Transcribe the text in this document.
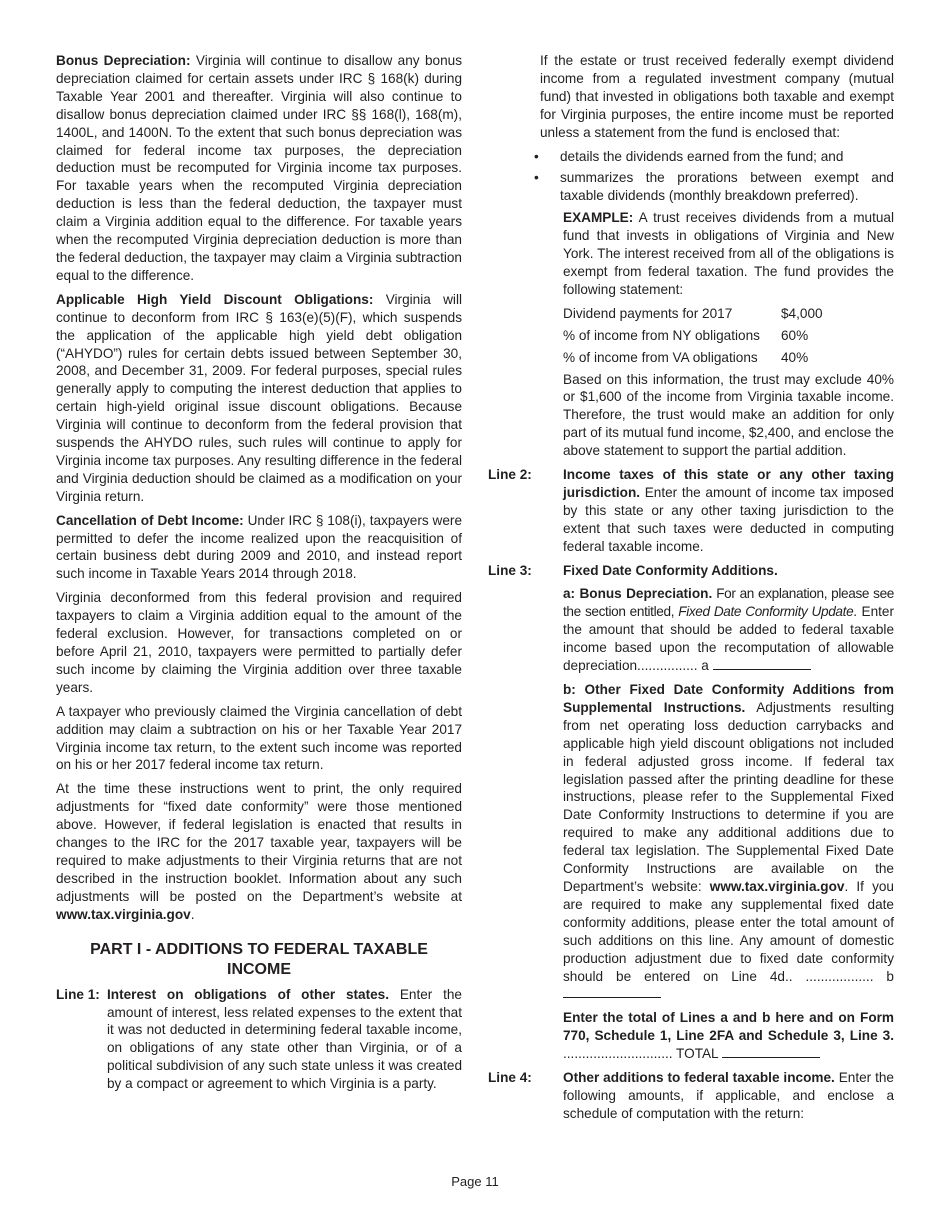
Bonus Depreciation: Virginia will continue to disallow any bonus depreciation claimed for certain assets under IRC § 168(k) during Taxable Year 2001 and thereafter. Virginia will also continue to disallow bonus depreciation claimed under IRC §§ 168(l), 168(m), 1400L, and 1400N. To the extent that such bonus depreciation was claimed for federal income tax purposes, the depreciation deduction must be recomputed for Virginia income tax purposes. For taxable years when the recomputed Virginia depreciation deduction is less than the federal deduction, the taxpayer must claim a Virginia addition equal to the difference. For taxable years when the recomputed Virginia depreciation deduction is more than the federal deduction, the taxpayer may claim a Virginia subtraction equal to the difference.

Applicable High Yield Discount Obligations: Virginia will continue to deconform from IRC § 163(e)(5)(F), which suspends the application of the applicable high yield debt obligation (“AHYDO”) rules for certain debts issued between September 30, 2008, and December 31, 2009. For federal purposes, special rules generally apply to computing the interest deduction that applies to certain high-yield original issue discount obligations. Because Virginia will continue to deconform from the federal provision that suspends the AHYDO rules, such rules will continue to apply for Virginia income tax purposes. Any resulting difference in the federal and Virginia deduction should be claimed as a modification on your Virginia return.

Cancellation of Debt Income: Under IRC § 108(i), taxpayers were permitted to defer the income realized upon the reacquisition of certain business debt during 2009 and 2010, and instead report such income in Taxable Years 2014 through 2018.

Virginia deconformed from this federal provision and required taxpayers to claim a Virginia addition equal to the amount of the federal exclusion. However, for transactions completed on or before April 21, 2010, taxpayers were permitted to partially defer such income by claiming the Virginia addition over three taxable years.

A taxpayer who previously claimed the Virginia cancellation of debt addition may claim a subtraction on his or her Taxable Year 2017 Virginia income tax return, to the extent such income was reported on his or her 2017 federal income tax return.

At the time these instructions went to print, the only required adjustments for “fixed date conformity” were those mentioned above. However, if federal legislation is enacted that results in changes to the IRC for the 2017 taxable year, taxpayers will be required to make adjustments to their Virginia returns that are not described in the instruction booklet. Information about any such adjustments will be posted on the Department’s website at www.tax.virginia.gov.

PART I - ADDITIONS TO FEDERAL TAXABLE INCOME
Line 1: Interest on obligations of other states. Enter the amount of interest, less related expenses to the extent that it was not deducted in determining federal taxable income, on obligations of any state other than Virginia, or of a political subdivision of any such state unless it was created by a compact or agreement to which Virginia is a party.

If the estate or trust received federally exempt dividend income from a regulated investment company (mutual fund) that invested in obligations both taxable and exempt for Virginia purposes, the entire income must be reported unless a statement from the fund is enclosed that:

•	details the dividends earned from the fund; and
•	summarizes the prorations between exempt and taxable dividends (monthly breakdown preferred).

EXAMPLE: A trust receives dividends from a mutual fund that invests in obligations of Virginia and New York. The interest received from all of the obligations is exempt from federal taxation. The fund provides the following statement:

Dividend payments for 2017	$4,000
% of income from NY obligations	60%
% of income from VA obligations	40%

Based on this information, the trust may exclude 40% or $1,600 of the income from Virginia taxable income. Therefore, the trust would make an addition for only part of its mutual fund income, $2,400, and enclose the above statement to support the partial addition.

Line 2:	Income taxes of this state or any other taxing jurisdiction. Enter the amount of income tax imposed by this state or any other taxing jurisdiction to the extent that such taxes were deducted in computing federal taxable income.
Line 3:	Fixed Date Conformity Additions.

a: Bonus Depreciation. For an explanation, please see the section entitled, Fixed Date Conformity Update. Enter the amount that should be added to federal taxable income based upon the recomputation of allowable depreciation................ a

b: Other Fixed Date Conformity Additions from Supplemental Instructions. Adjustments resulting from net operating loss deduction carrybacks and applicable high yield discount obligations not included in federal adjusted gross income. If federal tax legislation passed after the printing deadline for these instructions, please refer to the Supplemental Fixed Date Conformity Instructions to determine if you are required to make any additional additions due to federal tax legislation. The Supplemental Fixed Date Conformity Instructions are available on the Department’s website: www.tax.virginia.gov. If you are required to make any supplemental fixed date conformity additions, please enter the total amount of such additions on this line. Any amount of domestic production adjustment due to fixed date conformity should be entered on Line 4d.. .................. b

Enter the total of Lines a and b here and on Form 770, Schedule 1, Line 2FA and Schedule 3, Line 3. ............................. TOTAL

Line 4:	Other additions to federal taxable income. Enter the following amounts, if applicable, and enclose a schedule of computation with the return:
Page 11
